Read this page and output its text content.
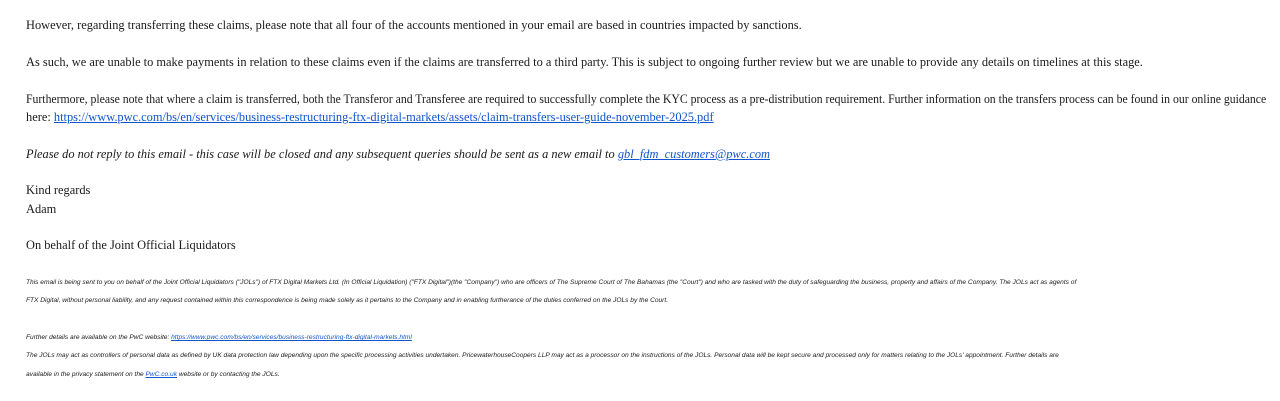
However, regarding transferring these claims, please note that all four of the accounts mentioned in your email are based in countries impacted by sanctions.
As such, we are unable to make payments in relation to these claims even if the claims are transferred to a third party. This is subject to ongoing further review but we are unable to provide any details on timelines at this stage.
Furthermore, please note that where a claim is transferred, both the Transferor and Transferee are required to successfully complete the KYC process as a pre-distribution requirement. Further information on the transfers process can be found in our online guidance
here: https://www.pwc.com/bs/en/services/business-restructuring-ftx-digital-markets/assets/claim-transfers-user-guide-november-2025.pdf
Please do not reply to this email - this case will be closed and any subsequent queries should be sent as a new email to gbl_fdm_customers@pwc.com
Kind regards
Adam
On behalf of the Joint Official Liquidators
This email is being sent to you on behalf of the Joint Official Liquidators ("JOLs") of FTX Digital Markets Ltd. (In Official Liquidation) ("FTX Digital")(the "Company") who are officers of The Supreme Court of The Bahamas (the "Court") and who are tasked with the duty of safeguarding the business, property and affairs of the Company. The JOLs act as agents of
FTX Digital, without personal liability, and any request contained within this correspondence is being made solely as it pertains to the Company and in enabling furtherance of the duties conferred on the JOLs by the Court.
Further details are available on the PwC website: https://www.pwc.com/bs/en/services/business-restructuring-ftx-digital-markets.html
The JOLs may act as controllers of personal data as defined by UK data protection law depending upon the specific processing activities undertaken. PricewaterhouseCoopers LLP may act as a processor on the instructions of the JOLs. Personal data will be kept secure and processed only for matters relating to the JOLs' appointment. Further details are
available in the privacy statement on the PwC.co.uk website or by contacting the JOLs.
